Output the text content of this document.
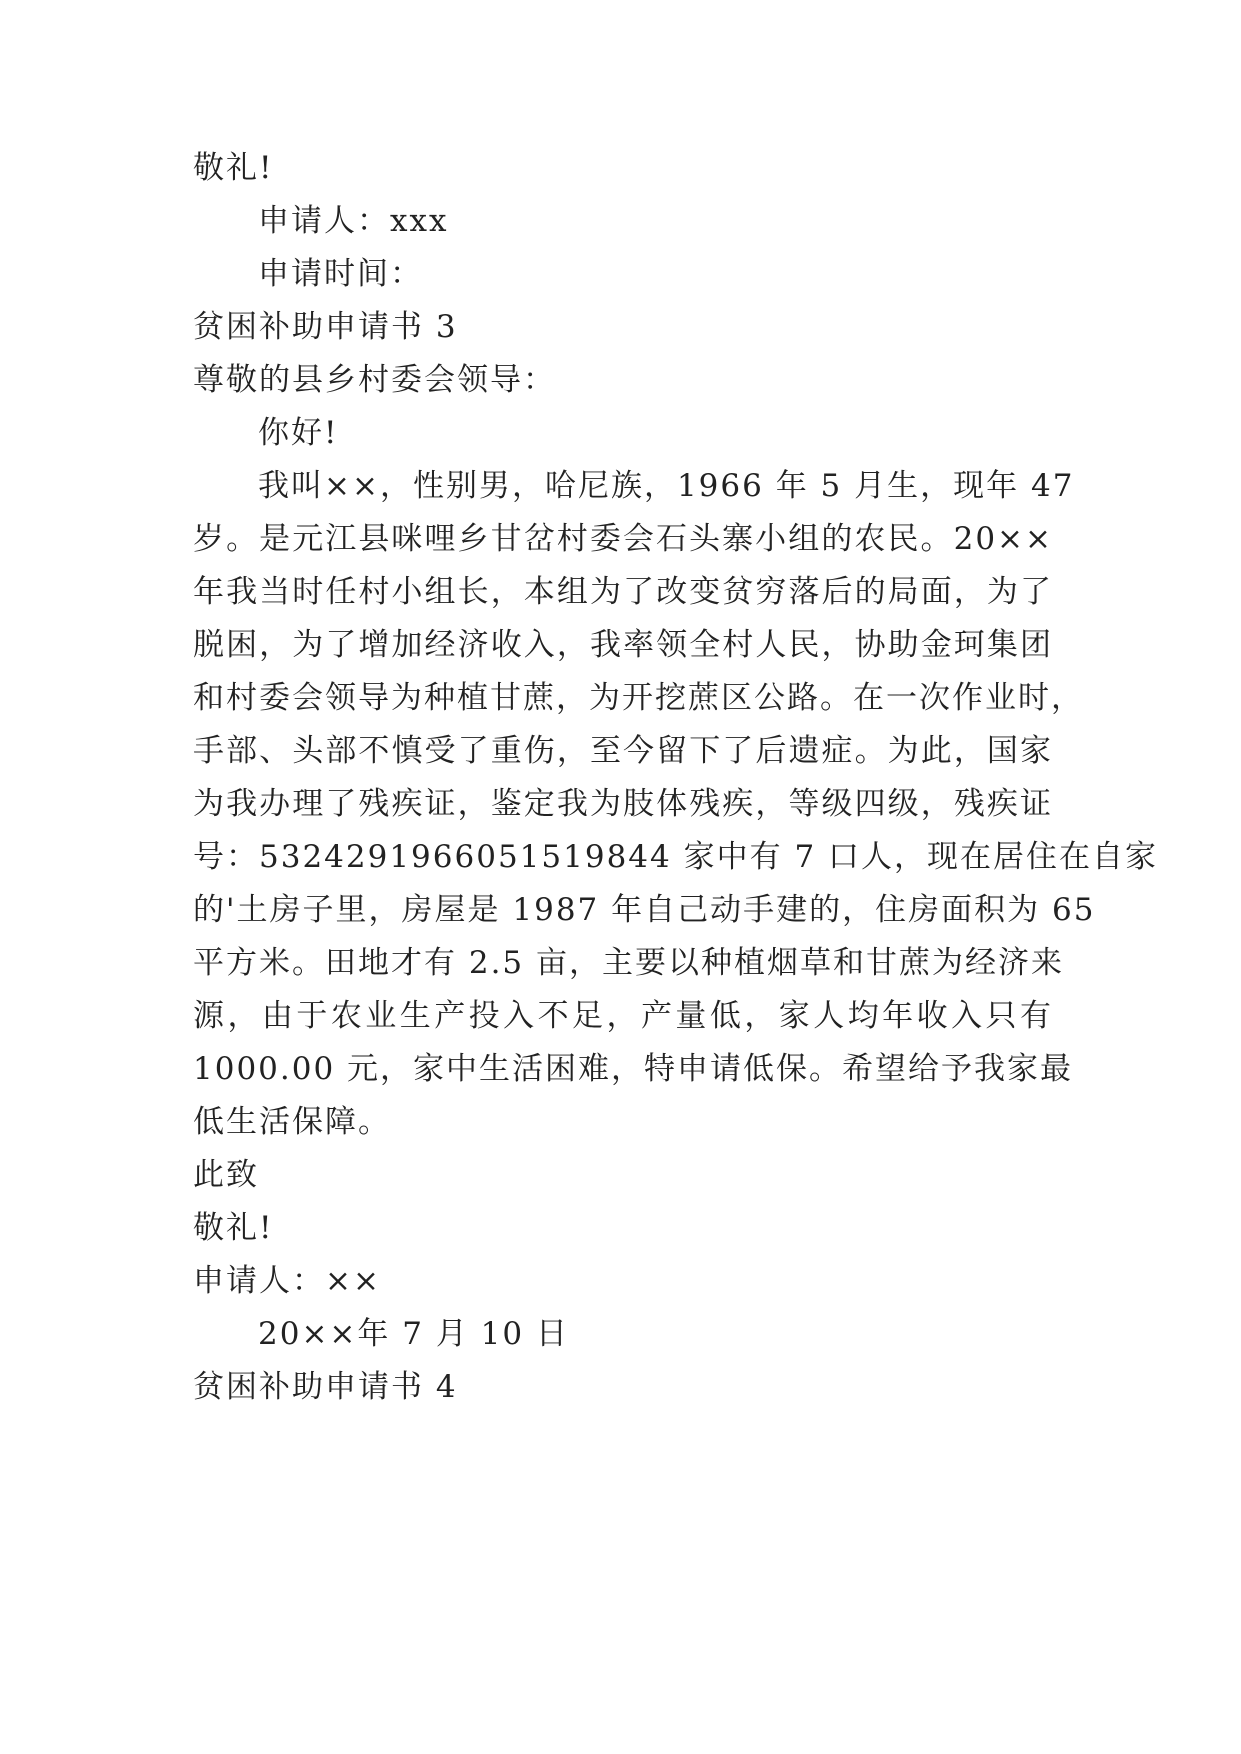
敬礼!
申请人：xxx
申请时间：
贫困补助申请书 3
尊敬的县乡村委会领导：
你好!
我叫××，性别男，哈尼族，1966 年 5 月生，现年 47
岁。是元江县咪哩乡甘岔村委会石头寨小组的农民。20××
年我当时任村小组长，本组为了改变贫穷落后的局面，为了
脱困，为了增加经济收入，我率领全村人民，协助金珂集团
和村委会领导为种植甘蔗，为开挖蔗区公路。在一次作业时，
手部、头部不慎受了重伤，至今留下了后遗症。为此，国家
为我办理了残疾证，鉴定我为肢体残疾，等级四级，残疾证
号：53242919660515198​44 家中有 7 口人，现在居住在自家
的'土房子里，房屋是 1987 年自己动手建的，住房面积为 65
平方米。田地才有 2.5 亩，主要以种植烟草和甘蔗为经济来
源，由于农业生产投入不足，产量低，家人均年收入只有
1000.00 元，家中生活困难，特申请低保。希望给予我家最
低生活保障。
此致
敬礼!
申请人：××
20××年 7 月 10 日
贫困补助申请书 4
